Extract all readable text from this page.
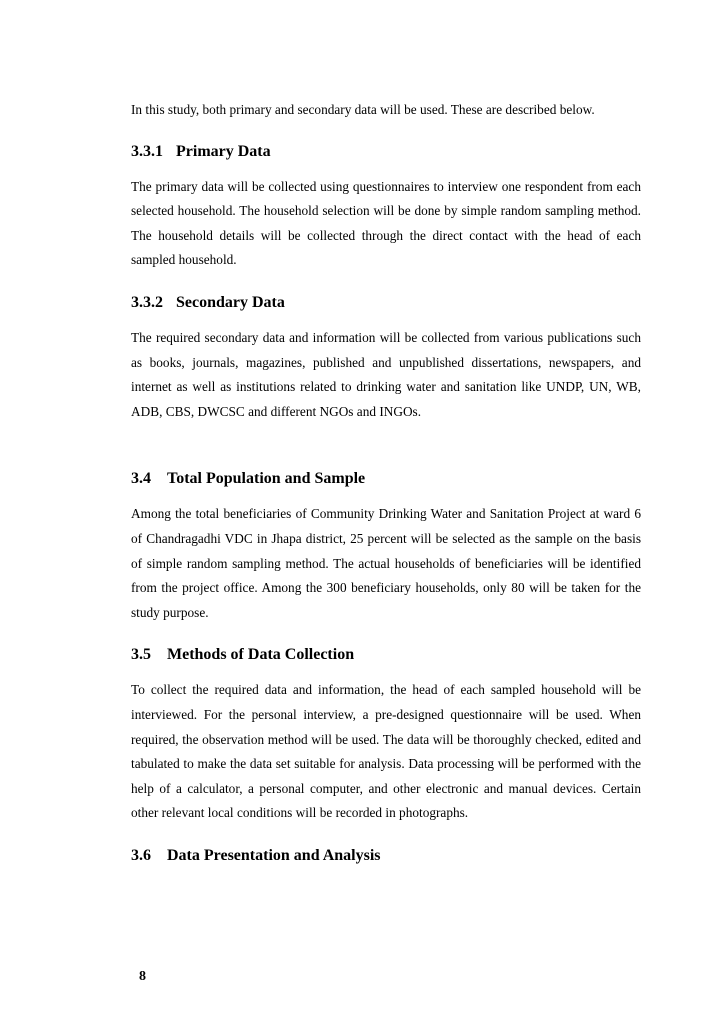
In this study, both primary and secondary data will be used. These are described below.

3.3.1 Primary Data

The primary data will be collected using questionnaires to interview one respondent from each selected household. The household selection will be done by simple random sampling method. The household details will be collected through the direct contact with the head of each sampled household.

3.3.2 Secondary Data

The required secondary data and information will be collected from various publications such as books, journals, magazines, published and unpublished dissertations, newspapers, and internet as well as institutions related to drinking water and sanitation like UNDP, UN, WB, ADB, CBS, DWCSC and different NGOs and INGOs.

3.4 Total Population and Sample

Among the total beneficiaries of Community Drinking Water and Sanitation Project at ward 6 of Chandragadhi VDC in Jhapa district, 25 percent will be selected as the sample on the basis of simple random sampling method. The actual households of beneficiaries will be identified from the project office. Among the 300 beneficiary households, only 80 will be taken for the study purpose.

3.5 Methods of Data Collection

To collect the required data and information, the head of each sampled household will be interviewed. For the personal interview, a pre-designed questionnaire will be used. When required, the observation method will be used. The data will be thoroughly checked, edited and tabulated to make the data set suitable for analysis. Data processing will be performed with the help of a calculator, a personal computer, and other electronic and manual devices. Certain other relevant local conditions will be recorded in photographs.

3.6 Data Presentation and Analysis
8
